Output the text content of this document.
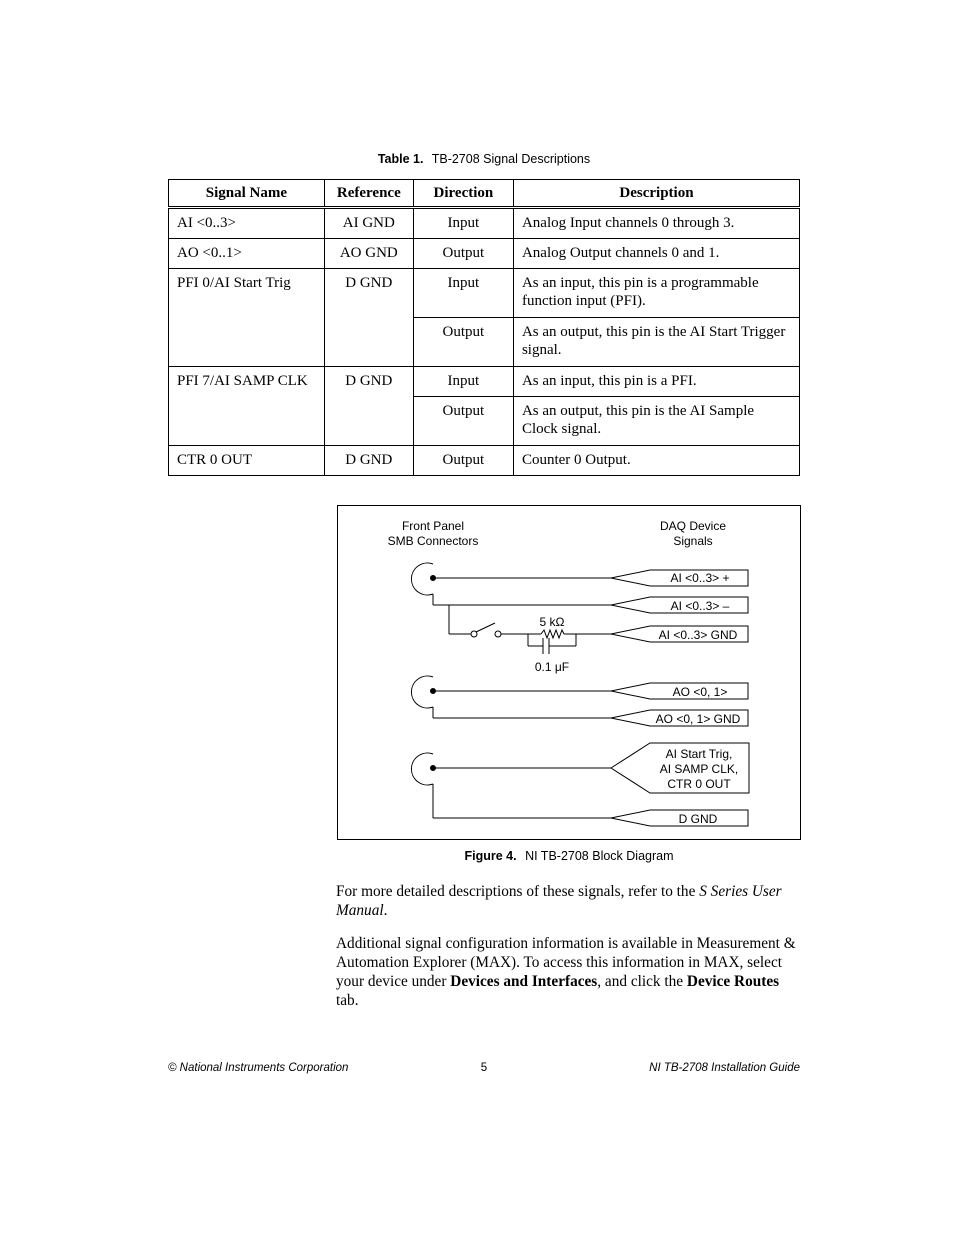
Table 1. TB-2708 Signal Descriptions
Signal Name	Reference	Direction	Description
AI <0..3>	AI GND	Input	Analog Input channels 0 through 3.
AO <0..1>	AO GND	Output	Analog Output channels 0 and 1.
PFI 0/AI Start Trig	D GND	Input	As an input, this pin is a programmable function input (PFI).
		Output	As an output, this pin is the AI Start Trigger signal.
PFI 7/AI SAMP CLK	D GND	Input	As an input, this pin is a PFI.
		Output	As an output, this pin is the AI Sample Clock signal.
CTR 0 OUT	D GND	Output	Counter 0 Output.
Front Panel
SMB Connectors
DAQ Device
Signals
5 kΩ
0.1 μF
AI <0..3> +
AI <0..3> –
AI <0..3> GND
AO <0, 1>
AO <0, 1> GND
AI Start Trig,
AI SAMP CLK,
CTR 0 OUT
D GND
Figure 4. NI TB-2708 Block Diagram
For more detailed descriptions of these signals, refer to the S Series User Manual.
Additional signal configuration information is available in Measurement & Automation Explorer (MAX). To access this information in MAX, select your device under Devices and Interfaces, and click the Device Routes tab.
© National Instruments Corporation	5	NI TB-2708 Installation Guide
